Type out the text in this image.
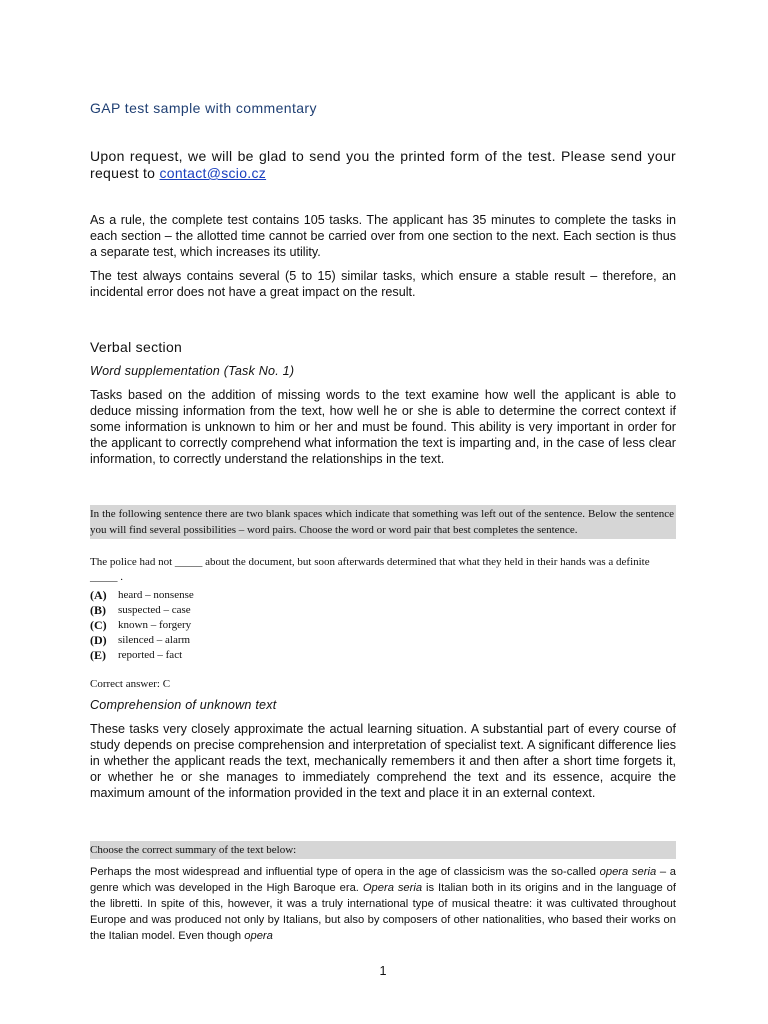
GAP test sample with commentary

Upon request, we will be glad to send you the printed form of the test. Please send your request to contact@scio.cz

As a rule, the complete test contains 105 tasks. The applicant has 35 minutes to complete the tasks in each section – the allotted time cannot be carried over from one section to the next. Each section is thus a separate test, which increases its utility.

The test always contains several (5 to 15) similar tasks, which ensure a stable result – therefore, an incidental error does not have a great impact on the result.

Verbal section
Word supplementation (Task No. 1)

Tasks based on the addition of missing words to the text examine how well the applicant is able to deduce missing information from the text, how well he or she is able to determine the correct context if some information is unknown to him or her and must be found. This ability is very important in order for the applicant to correctly comprehend what information the text is imparting and, in the case of less clear information, to correctly understand the relationships in the text.

In the following sentence there are two blank spaces which indicate that something was left out of the sentence. Below the sentence you will find several possibilities – word pairs. Choose the word or word pair that best completes the sentence.

The police had not _____ about the document, but soon afterwards determined that what they held in their hands was a definite _____ .

(A)	heard – nonsense
(B)	suspected – case
(C)	known – forgery
(D)	silenced – alarm
(E)	reported – fact

Correct answer: C

Comprehension of unknown text

These tasks very closely approximate the actual learning situation. A substantial part of every course of study depends on precise comprehension and interpretation of specialist text. A significant difference lies in whether the applicant reads the text, mechanically remembers it and then after a short time forgets it, or whether he or she manages to immediately comprehend the text and its essence, acquire the maximum amount of the information provided in the text and place it in an external context.

Choose the correct summary of the text below:

Perhaps the most widespread and influential type of opera in the age of classicism was the so-called opera seria – a genre which was developed in the High Baroque era. Opera seria is Italian both in its origins and in the language of the libretti. In spite of this, however, it was a truly international type of musical theatre: it was cultivated throughout Europe and was produced not only by Italians, but also by composers of other nationalities, who based their works on the Italian model. Even though opera

1
